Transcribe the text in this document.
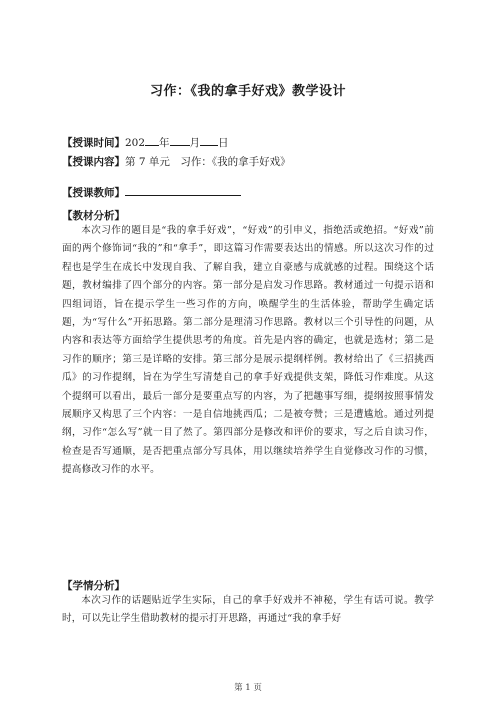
习作：《我的拿手好戏》教学设计
【授课时间】202 年 月 日
【授课内容】第 7 单元　习作：《我的拿手好戏》
【授课教师】
【教材分析】
本次习作的题目是“我的拿手好戏”，“好戏”的引申义，指绝活或绝招。“好戏”前面的两个修饰词“我的”和“拿手”，即这篇习作需要表达出的情感。所以这次习作的过程也是学生在成长中发现自我、了解自我，建立自豪感与成就感的过程。围绕这个话题，教材编排了四个部分的内容。第一部分是启发习作思路。教材通过一句提示语和四组词语，旨在提示学生一些习作的方向，唤醒学生的生活体验，帮助学生确定话题，为“写什么”开拓思路。第二部分是理清习作思路。教材以三个引导性的问题，从内容和表达等方面给学生提供思考的角度。首先是内容的确定，也就是选材；第二是习作的顺序；第三是详略的安排。第三部分是展示提纲样例。教材给出了《三招挑西瓜》的习作提纲，旨在为学生写清楚自己的拿手好戏提供支架，降低习作难度。从这个提纲可以看出，最后一部分是要重点写的内容，为了把趣事写细，提纲按照事情发展顺序又构思了三个内容：一是自信地挑西瓜；二是被夸赞；三是遭尴尬。通过列提纲，习作“怎么写”就一目了然了。第四部分是修改和评价的要求，写之后自读习作，检查是否写通顺，是否把重点部分写具体，用以继续培养学生自觉修改习作的习惯，提高修改习作的水平。
【学情分析】
本次习作的话题贴近学生实际，自己的拿手好戏并不神秘，学生有话可说。教学时，可以先让学生借助教材的提示打开思路，再通过“我的拿手好
第 1 页
